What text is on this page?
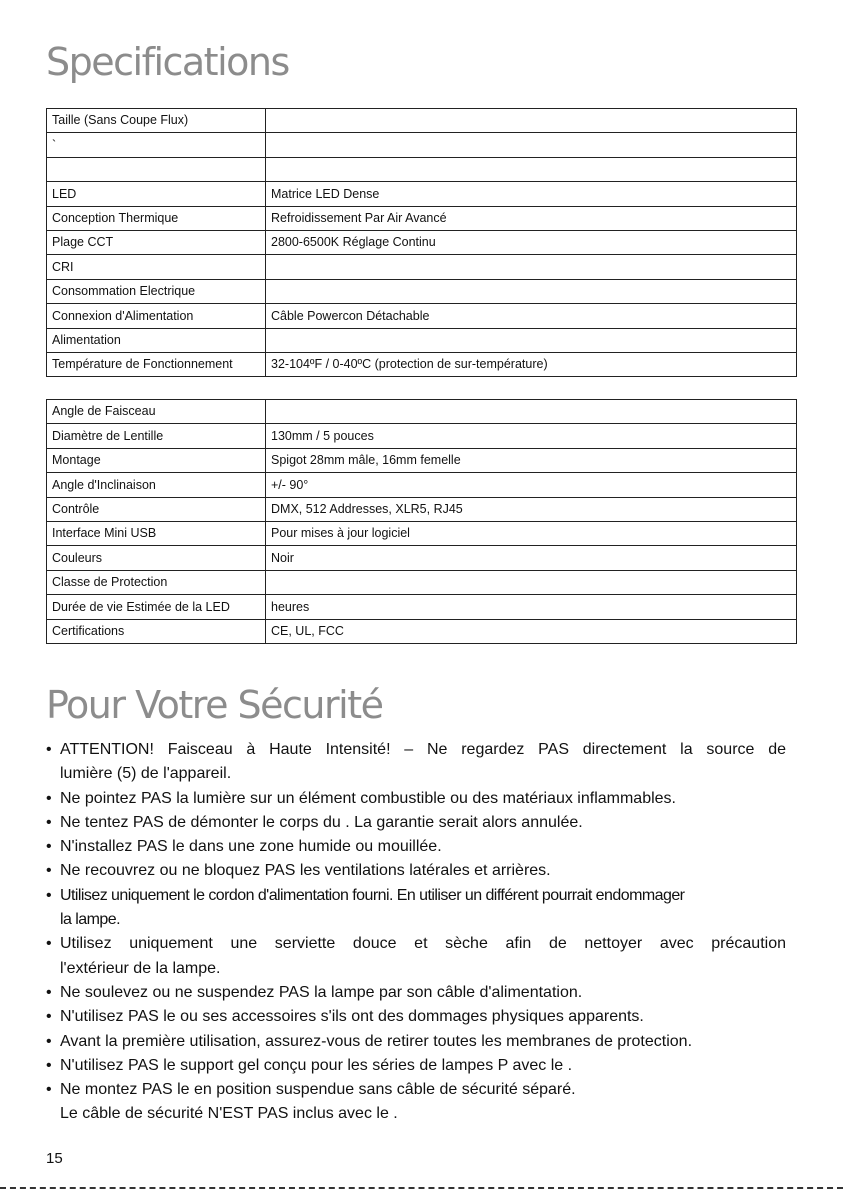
Specifications
Taille (Sans Coupe Flux)	
`	

LED	Matrice LED Dense
Conception Thermique	Refroidissement Par Air Avancé
Plage CCT	2800-6500K Réglage Continu
CRI	
Consommation Electrique	
Connexion d'Alimentation	Câble Powercon Détachable
Alimentation	
Température de Fonctionnement	32-104ºF / 0-40ºC (protection de sur-température)
Angle de Faisceau	
Diamètre de Lentille	130mm / 5 pouces
Montage	Spigot 28mm mâle, 16mm femelle
Angle d'Inclinaison	+/- 90°
Contrôle	DMX, 512 Addresses, XLR5, RJ45
Interface Mini USB	Pour mises à jour logiciel
Couleurs	Noir
Classe de Protection	
Durée de vie Estimée de la LED	heures
Certifications	CE, UL, FCC
Pour Votre Sécurité
• ATTENTION! Faisceau à Haute Intensité! – Ne regardez PAS directement la source de
lumière (5) de l'appareil.
• Ne pointez PAS la lumière sur un élément combustible ou des matériaux inflammables.
• Ne tentez PAS de démonter le corps du . La garantie serait alors annulée.
• N'installez PAS le dans une zone humide ou mouillée.
• Ne recouvrez ou ne bloquez PAS les ventilations latérales et arrières.
• Utilisez uniquement le cordon d'alimentation fourni. En utiliser un différent pourrait endommager
la lampe.
• Utilisez uniquement une serviette douce et sèche afin de nettoyer avec précaution
l'extérieur de la lampe.
• Ne soulevez ou ne suspendez PAS la lampe par son câble d'alimentation.
• N'utilisez PAS le ou ses accessoires s'ils ont des dommages physiques apparents.
• Avant la première utilisation, assurez-vous de retirer toutes les membranes de protection.
• N'utilisez PAS le support gel conçu pour les séries de lampes P avec le .
• Ne montez PAS le en position suspendue sans câble de sécurité séparé.
Le câble de sécurité N'EST PAS inclus avec le .
15
